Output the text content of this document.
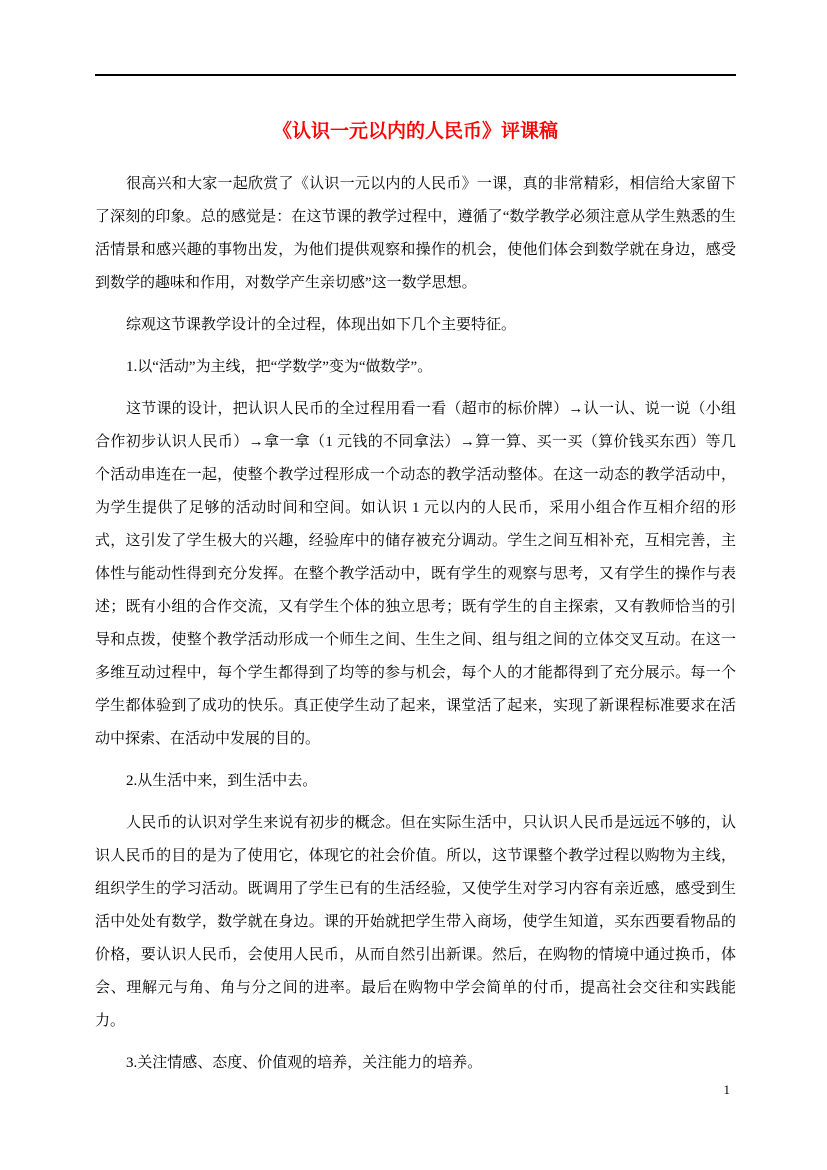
《认识一元以内的人民币》评课稿

很高兴和大家一起欣赏了《认识一元以内的人民币》一课，真的非常精彩，相信给大家留下了深刻的印象。总的感觉是：在这节课的教学过程中，遵循了“数学教学必须注意从学生熟悉的生活情景和感兴趣的事物出发，为他们提供观察和操作的机会，使他们体会到数学就在身边，感受到数学的趣味和作用，对数学产生亲切感”这一数学思想。

综观这节课教学设计的全过程，体现出如下几个主要特征。

1.以“活动”为主线，把“学数学”变为“做数学”。

这节课的设计，把认识人民币的全过程用看一看（超市的标价牌）→认一认、说一说（小组合作初步认识人民币）→拿一拿（1 元钱的不同拿法）→算一算、买一买（算价钱买东西）等几个活动串连在一起，使整个教学过程形成一个动态的教学活动整体。在这一动态的教学活动中，为学生提供了足够的活动时间和空间。如认识 1 元以内的人民币，采用小组合作互相介绍的形式，这引发了学生极大的兴趣，经验库中的储存被充分调动。学生之间互相补充，互相完善，主体性与能动性得到充分发挥。在整个教学活动中，既有学生的观察与思考，又有学生的操作与表述；既有小组的合作交流，又有学生个体的独立思考；既有学生的自主探索，又有教师恰当的引导和点拨，使整个教学活动形成一个师生之间、生生之间、组与组之间的立体交叉互动。在这一多维互动过程中，每个学生都得到了均等的参与机会，每个人的才能都得到了充分展示。每一个学生都体验到了成功的快乐。真正使学生动了起来，课堂活了起来，实现了新课程标准要求在活动中探索、在活动中发展的目的。

2.从生活中来，到生活中去。

人民币的认识对学生来说有初步的概念。但在实际生活中，只认识人民币是远远不够的，认识人民币的目的是为了使用它，体现它的社会价值。所以，这节课整个教学过程以购物为主线，组织学生的学习活动。既调用了学生已有的生活经验，又使学生对学习内容有亲近感，感受到生活中处处有数学，数学就在身边。课的开始就把学生带入商场，使学生知道，买东西要看物品的价格，要认识人民币，会使用人民币，从而自然引出新课。然后，在购物的情境中通过换币，体会、理解元与角、角与分之间的进率。最后在购物中学会简单的付币，提高社会交往和实践能力。

3.关注情感、态度、价值观的培养，关注能力的培养。

1
